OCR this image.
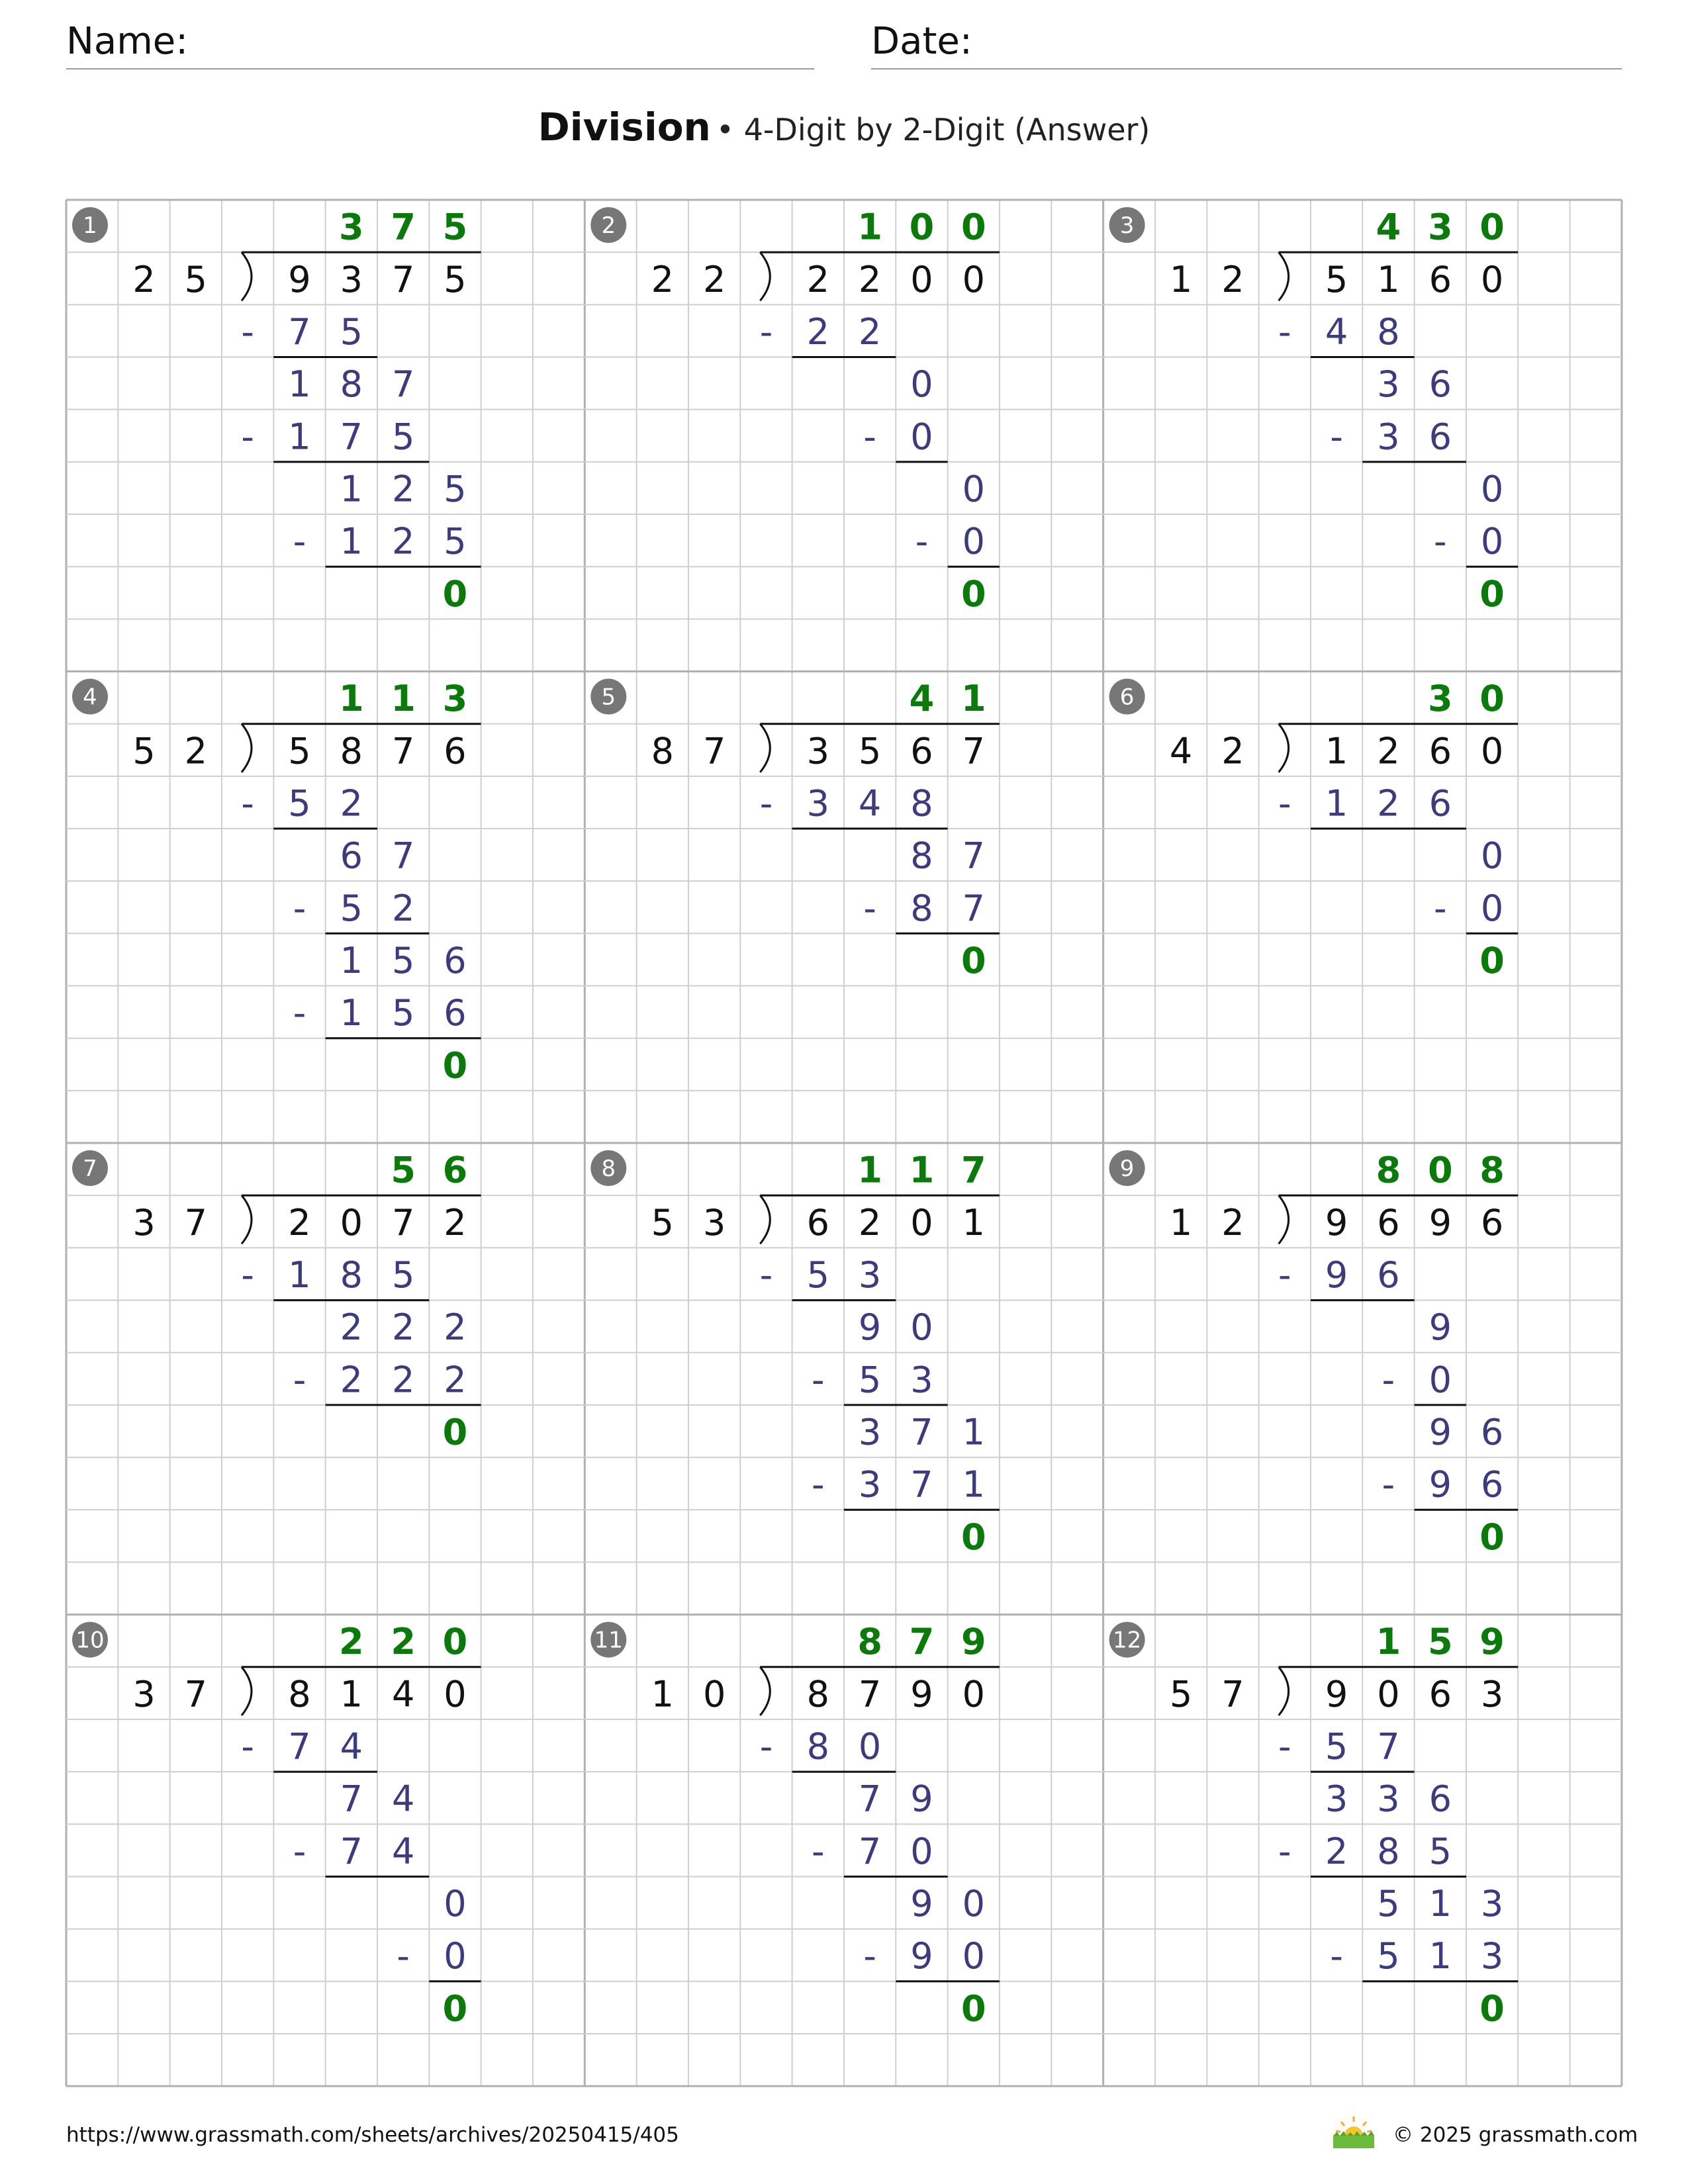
Name:	Date:
Division • 4-Digit by 2-Digit (Answer)
1
2 5 9 3 7 5
- 7 5
1 8 7
- 1 7 5
1 2 5
- 1 2 5
0
3 7 5	2
2 2 2 2 0 0
- 2 2
0
- 0
0
- 0
0
1 0 0	3
1 2 5 1 6 0
- 4 8
3 6
- 3 6
0
- 0
0
4 3 0
4
5 2 5 8 7 6
- 5 2
6 7
- 5 2
1 5 6
- 1 5 6
0
1 1 3	5
8 7 3 5 6 7
- 3 4 8
8 7
- 8 7
0
4 1	6
4 2 1 2 6 0
- 1 2 6
0
- 0
0
3 0
7
3 7 2 0 7 2
- 1 8 5
2 2 2
- 2 2 2
0
5 6	8
5 3 6 2 0 1
- 5 3
9 0
- 5 3
3 7 1
- 3 7 1
0
1 1 7	9
1 2 9 6 9 6
- 9 6
9
- 0
9 6
- 9 6
0
8 0 8
10
3 7 8 1 4 0
- 7 4
7 4
- 7 4
0
- 0
0
2 2 0	11
1 0 8 7 9 0
- 8 0
7 9
- 7 0
9 0
- 9 0
0
8 7 9	12
5 7 9 0 6 3
- 5 7
3 3 6
- 2 8 5
5 1 3
- 5 1 3
0
1 5 9
https://www.grassmath.com/sheets/archives/20250415/405	© 2025 grassmath.com
